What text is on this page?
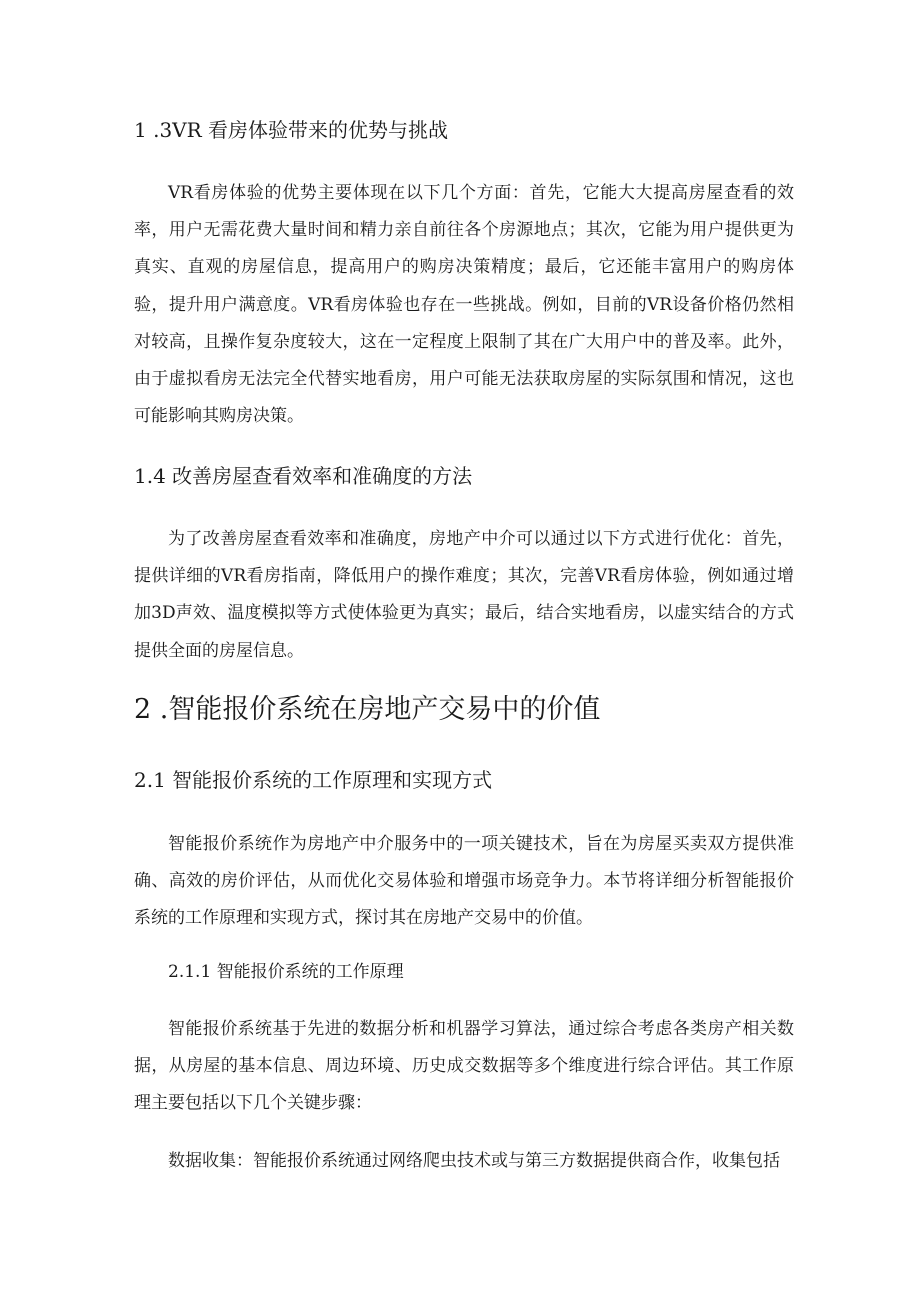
1 .3VR 看房体验带来的优势与挑战

VR看房体验的优势主要体现在以下几个方面：首先，它能大大提高房屋查看的效率，用户无需花费大量时间和精力亲自前往各个房源地点；其次，它能为用户提供更为真实、直观的房屋信息，提高用户的购房决策精度；最后，它还能丰富用户的购房体验，提升用户满意度。VR看房体验也存在一些挑战。例如，目前的VR设备价格仍然相对较高，且操作复杂度较大，这在一定程度上限制了其在广大用户中的普及率。此外，由于虚拟看房无法完全代替实地看房，用户可能无法获取房屋的实际氛围和情况，这也可能影响其购房决策。

1.4 改善房屋查看效率和准确度的方法

为了改善房屋查看效率和准确度，房地产中介可以通过以下方式进行优化：首先，提供详细的VR看房指南，降低用户的操作难度；其次，完善VR看房体验，例如通过增加3D声效、温度模拟等方式使体验更为真实；最后，结合实地看房，以虚实结合的方式提供全面的房屋信息。

2 .智能报价系统在房地产交易中的价值
2.1 智能报价系统的工作原理和实现方式

智能报价系统作为房地产中介服务中的一项关键技术，旨在为房屋买卖双方提供准确、高效的房价评估，从而优化交易体验和增强市场竞争力。本节将详细分析智能报价系统的工作原理和实现方式，探讨其在房地产交易中的价值。

2.1.1 智能报价系统的工作原理

智能报价系统基于先进的数据分析和机器学习算法，通过综合考虑各类房产相关数据，从房屋的基本信息、周边环境、历史成交数据等多个维度进行综合评估。其工作原理主要包括以下几个关键步骤：

数据收集：智能报价系统通过网络爬虫技术或与第三方数据提供商合作，收集包括
